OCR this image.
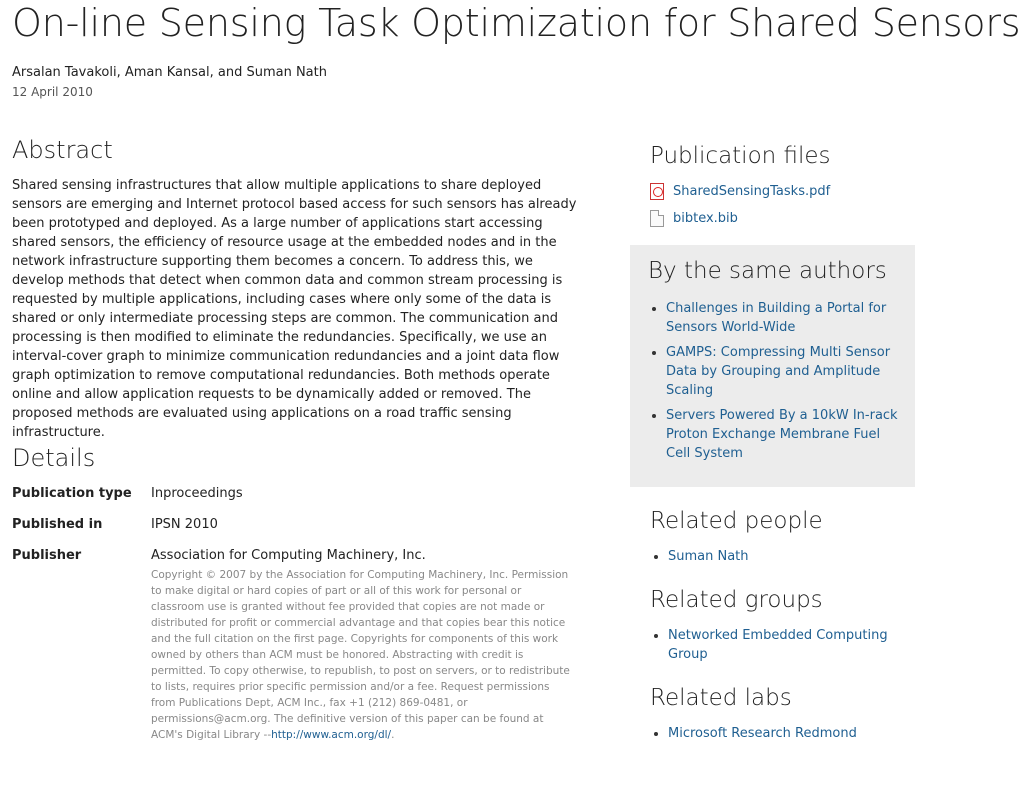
On-line Sensing Task Optimization for Shared Sensors
Arsalan Tavakoli, Aman Kansal, and Suman Nath
12 April 2010
Abstract

Shared sensing infrastructures that allow multiple applications to share deployed sensors are emerging and Internet protocol based access for such sensors has already been prototyped and deployed. As a large number of applications start accessing shared sensors, the efficiency of resource usage at the embedded nodes and in the network infrastructure supporting them becomes a concern. To address this, we develop methods that detect when common data and common stream processing is requested by multiple applications, including cases where only some of the data is shared or only intermediate processing steps are common. The communication and processing is then modified to eliminate the redundancies. Specifically, we use an interval-cover graph to minimize communication redundancies and a joint data flow graph optimization to remove computational redundancies. Both methods operate online and allow application requests to be dynamically added or removed. The proposed methods are evaluated using applications on a road traffic sensing infrastructure.

Details
Publication type	Inproceedings
Published in	IPSN 2010
Publisher	Association for Computing Machinery, Inc.
Copyright © 2007 by the Association for Computing Machinery, Inc. Permission to make digital or hard copies of part or all of this work for personal or classroom use is granted without fee provided that copies are not made or distributed for profit or commercial advantage and that copies bear this notice and the full citation on the first page. Copyrights for components of this work owned by others than ACM must be honored. Abstracting with credit is permitted. To copy otherwise, to republish, to post on servers, or to redistribute to lists, requires prior specific permission and/or a fee. Request permissions from Publications Dept, ACM Inc., fax +1 (212) 869-0481, or permissions@acm.org. The definitive version of this paper can be found at ACM's Digital Library --http://www.acm.org/dl/.
Publication files
SharedSensingTasks.pdf
bibtex.bib
By the same authors
• Challenges in Building a Portal for Sensors World-Wide
• GAMPS: Compressing Multi Sensor Data by Grouping and Amplitude Scaling
• Servers Powered By a 10kW In-rack Proton Exchange Membrane Fuel Cell System
Related people
• Suman Nath
Related groups
• Networked Embedded Computing Group
Related labs
• Microsoft Research Redmond
